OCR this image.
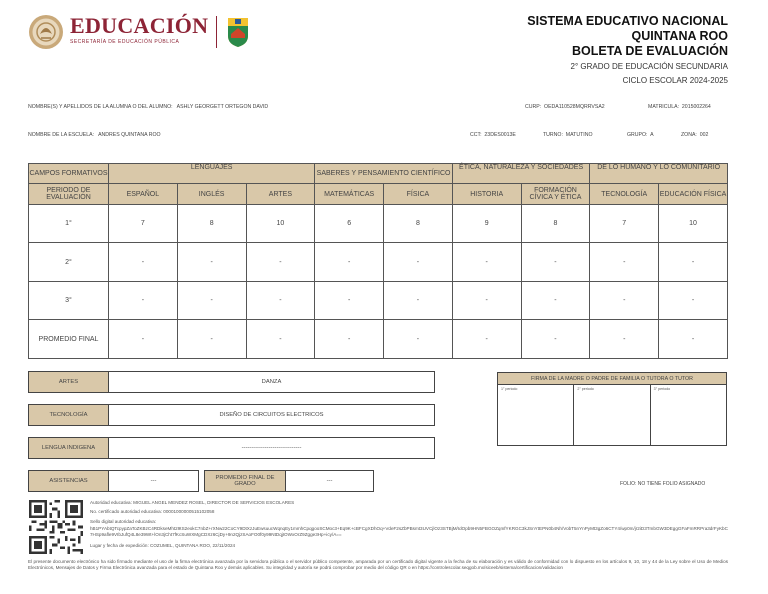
EDUCACIÓN
SECRETARÍA DE EDUCACIÓN PÚBLICA
SISTEMA EDUCATIVO NACIONAL
QUINTANA ROO
BOLETA DE EVALUACIÓN
2° GRADO DE EDUCACIÓN SECUNDARIA
CICLO ESCOLAR 2024-2025
NOMBRE(S) Y APELLIDOS DE LA ALUMNA O DEL ALUMNO: ASHLY GEORGETT ORTEGON DAVID	CURP: OEDA110528MQRRVSA2	MATRICULA: 2015002264
NOMBRE DE LA ESCUELA: ANDRES QUINTANA ROO	CCT: 23DES0013E	TURNO: MATUTINO	GRUPO: A	ZONA: 002
CAMPOS FORMATIVOS	LENGUAJES			SABERES Y PENSAMIENTO CIENTÍFICO		ÉTICA, NATURALEZA Y SOCIEDADES		DE LO HUMANO Y LO COMUNITARIO	
PERIODO DE EVALUACIÓN	ESPAÑOL	INGLÉS	ARTES	MATEMÁTICAS	FÍSICA	HISTORIA	FORMACIÓN CÍVICA Y ÉTICA	TECNOLOGÍA	EDUCACIÓN FÍSICA
1°	7	8	10	6	8	9	8	7	10
2°	-	-	-	-	-	-	-	-	-
3°	-	-	-	-	-	-	-	-	-
PROMEDIO FINAL	-	-	-	-	-	-	-	-	-
ARTES	DANZA
TECNOLOGÍA	DISEÑO DE CIRCUITOS ELECTRICOS
LENGUA INDIGENA	-------------------------------
ASISTENCIAS	---	PROMEDIO FINAL DE GRADO	---
FIRMA DE LA MADRE O PADRE DE FAMILIA O TUTORA O TUTOR
1° periodo	2° periodo	3° periodo
FOLIO: NO TIENE FOLIO ASIGNADO
Autoridad educativa: MIGUEL ANGEL MENDEZ ROSEL, DIRECTOR DE SERVICIOS ESCOLARES
No. certificado autoridad educativa: 00001000000515102058
Sello digital autoridad educativa:
hB1PYAbtQTcpypZaToZKBzC4RDkseMht29tS2eokC7nbZ+rXNw22CoCY9DtXzJuEwsuucWqnqEy1mmhCpqgooSCMoc3+Eq9K+cBFCgXDhOq+VdeF2sZbPBsmt3UVCjlOz3STBjM/IdOpb9HN5FBGOZqmfYKRGC3kJSnYtEPN0b4Nh/VobT5nYnPyMt3gZo6CTY4/wp0m/jr2iD3TmbGW3DEggGFaFmRRPra3drFyKbC7HSp9afle9VIbJufQ4L8e39Wt+lOn3jCht7fKcSuWXMgCDXz6CjDy+9n2QjzSAoFO0f0y99NtDqjIOWxOrZ9Zgge3Hp+icy/A==
Lugar y fecha de expedición: COZUMEL, QUINTANA ROO, 22/11/2024
El presente documento electrónico ha sido firmado mediante el uso de la firma electrónica avanzada por la servidora pública o el servidor público competente, amparada por un certificado digital vigente a la fecha de su elaboración y es válido de conformidad con lo dispuesto en los artículos 9, 10, 18 y 44 de la Ley sobre el Uso de Medios Electrónicos, Mensajes de Datos y Firma Electrónica avanzada para el estado de Quintana Roo y demás aplicables. Su integridad y autoría se podrá comprobar por medio del código QR o en https://controlescolar.seqgob.mx/siceeb/sistema/certificacion/validacion
